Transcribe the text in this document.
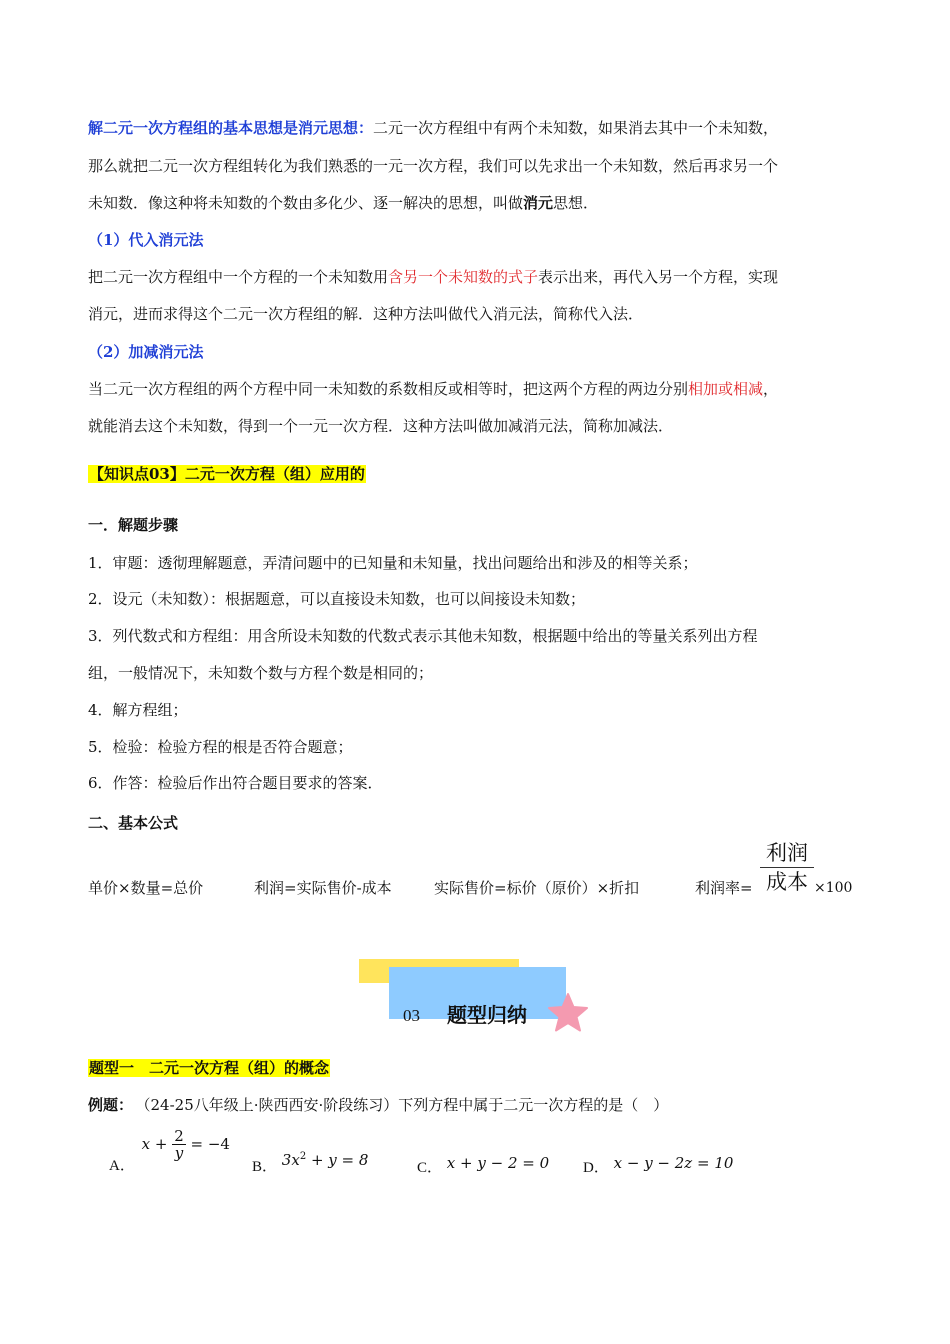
解二元一次方程组的基本思想是消元思想：二元一次方程组中有两个未知数，如果消去其中一个未知数，
那么就把二元一次方程组转化为我们熟悉的一元一次方程，我们可以先求出一个未知数，然后再求另一个
未知数．像这种将未知数的个数由多化少、逐一解决的思想，叫做消元思想．
（1）代入消元法
把二元一次方程组中一个方程的一个未知数用含另一个未知数的式子表示出来，再代入另一个方程，实现
消元，进而求得这个二元一次方程组的解．这种方法叫做代入消元法，简称代入法．
（2）加减消元法
当二元一次方程组的两个方程中同一未知数的系数相反或相等时，把这两个方程的两边分别相加或相减，
就能消去这个未知数，得到一个一元一次方程．这种方法叫做加减消元法，简称加减法．
【知识点03】二元一次方程（组）应用的
一．解题步骤
1．审题：透彻理解题意，弄清问题中的已知量和未知量，找出问题给出和涉及的相等关系；
2．设元（未知数）：根据题意，可以直接设未知数，也可以间接设未知数；
3．列代数式和方程组：用含所设未知数的代数式表示其他未知数，根据题中给出的等量关系列出方程
组，一般情况下，未知数个数与方程个数是相同的；
4．解方程组；
5．检验：检验方程的根是否符合题意；
6．作答：检验后作出符合题目要求的答案．
二、基本公式
单价×数量=总价	利润=实际售价-成本	实际售价=标价（原价）×折扣	利润率=
利润
成本 ×100
03 题型归纳
题型一　二元一次方程（组）的概念
例题： （24-25八年级上·陕西西安·阶段练习）下列方程中属于二元一次方程的是（　）
A． $x + \frac{2}{y} = -4$
B． $3x^2 + y = 8$	C． x + y − 2 = 0 D． x − y − 2z = 10
